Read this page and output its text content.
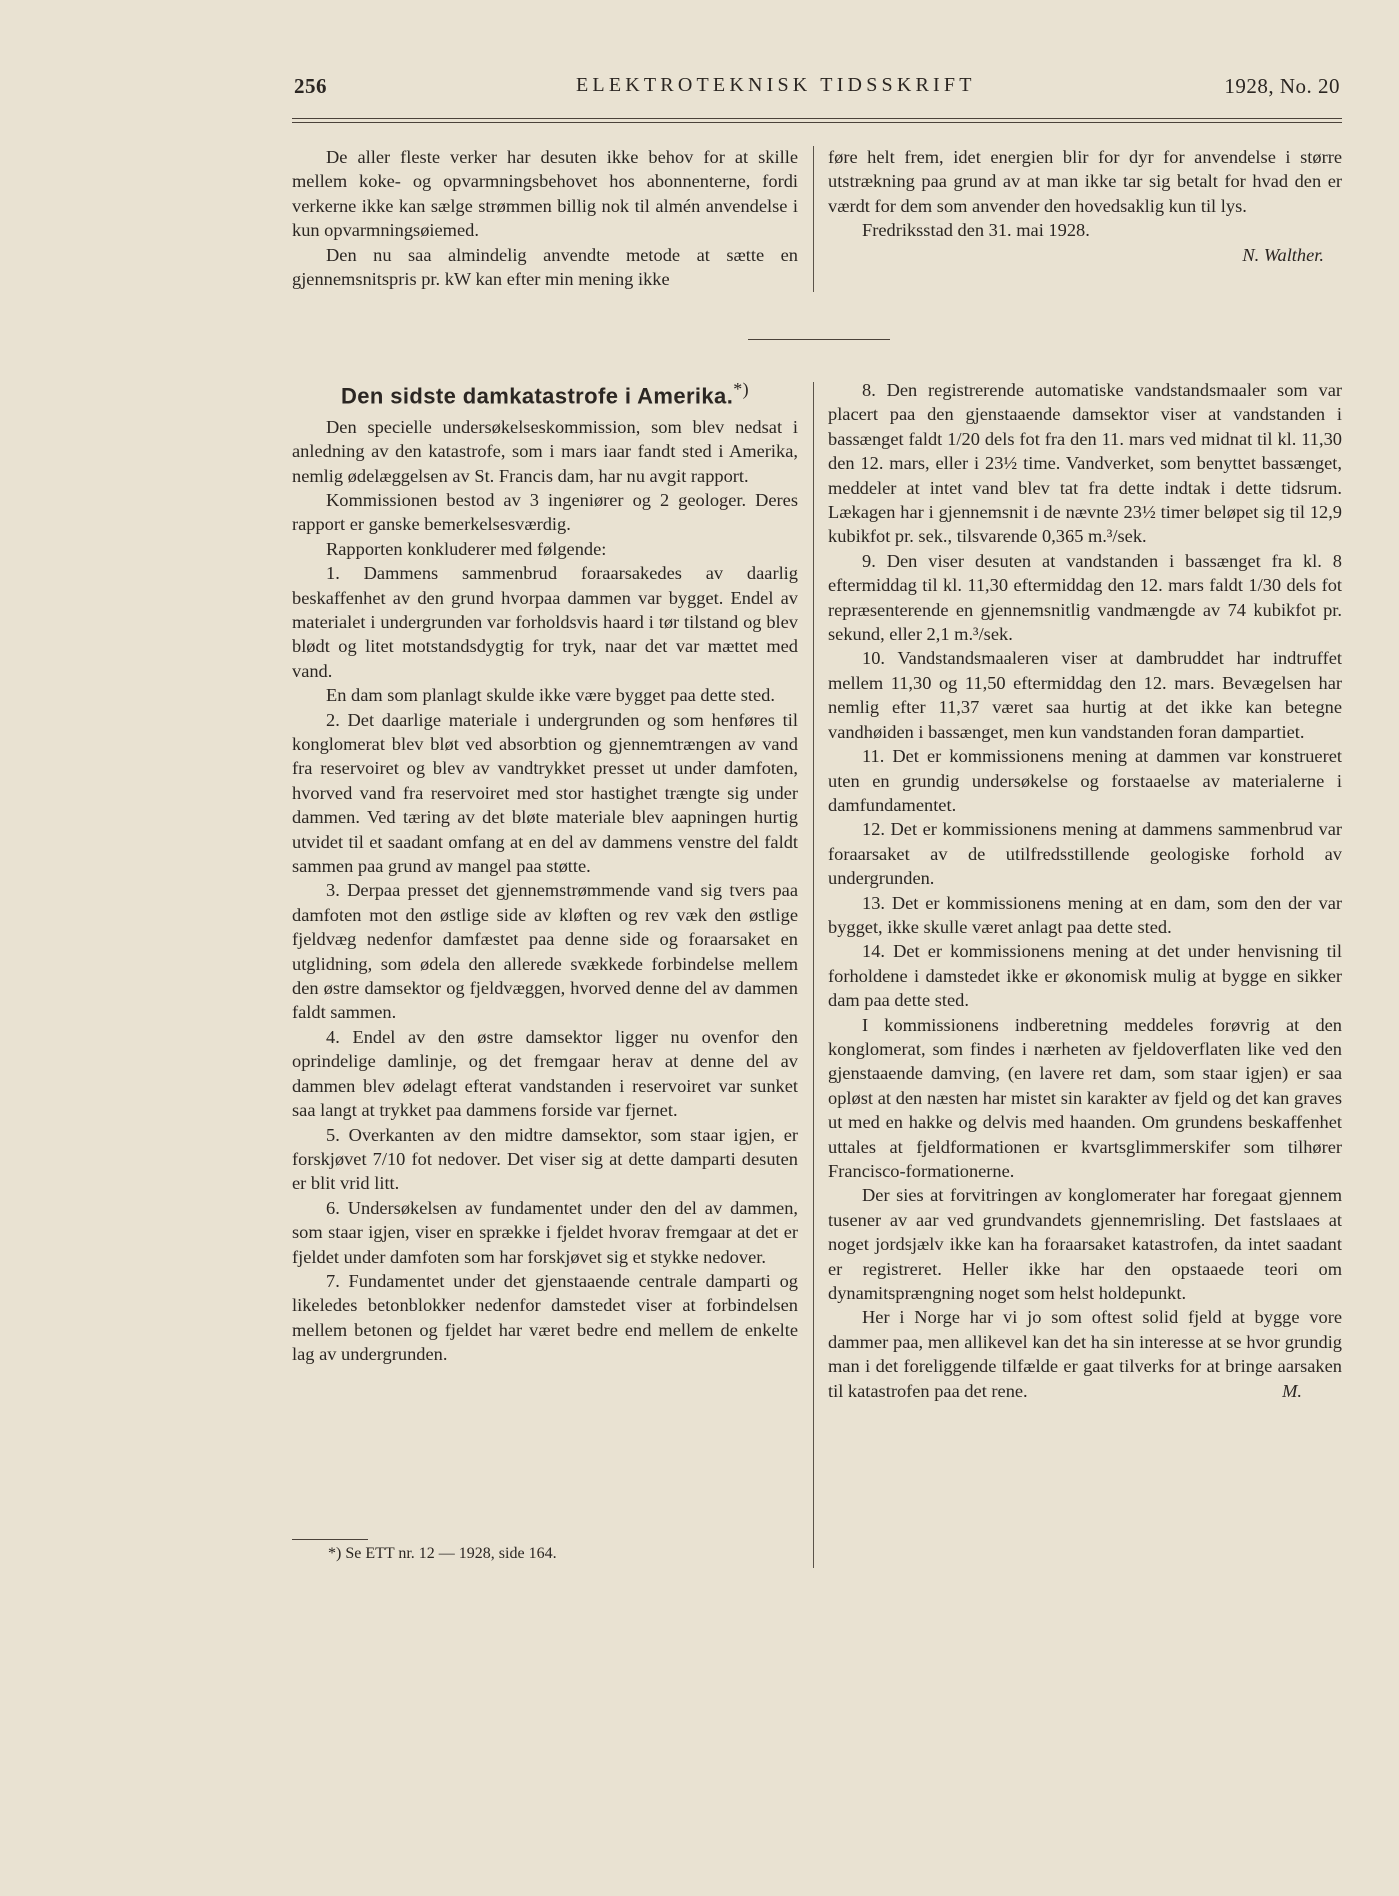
256	ELEKTROTEKNISK TIDSSKRIFT	1928, No. 20

De aller fleste verker har desuten ikke behov for at skille mellem koke- og opvarmningsbehovet hos abonnenterne, fordi verkerne ikke kan sælge strømmen billig nok til almén anvendelse i kun opvarmningsøiemed.

Den nu saa almindelig anvendte metode at sætte en gjennemsnitspris pr. kW kan efter min mening ikke

føre helt frem, idet energien blir for dyr for anvendelse i større utstrækning paa grund av at man ikke tar sig betalt for hvad den er værdt for dem som anvender den hovedsaklig kun til lys.

Fredriksstad den 31. mai 1928.

N. Walther.

Den sidste damkatastrofe i Amerika.*)

Den specielle undersøkelseskommission, som blev nedsat i anledning av den katastrofe, som i mars iaar fandt sted i Amerika, nemlig ødelæggelsen av St. Francis dam, har nu avgit rapport.

Kommissionen bestod av 3 ingeniører og 2 geologer. Deres rapport er ganske bemerkelsesværdig.

Rapporten konkluderer med følgende:

1. Dammens sammenbrud foraarsakedes av daarlig beskaffenhet av den grund hvorpaa dammen var bygget. Endel av materialet i undergrunden var forholdsvis haard i tør tilstand og blev blødt og litet motstandsdygtig for tryk, naar det var mættet med vand.

En dam som planlagt skulde ikke være bygget paa dette sted.

2. Det daarlige materiale i undergrunden og som henføres til konglomerat blev bløt ved absorbtion og gjennemtrængen av vand fra reservoiret og blev av vandtrykket presset ut under damfoten, hvorved vand fra reservoiret med stor hastighet trængte sig under dammen. Ved tæring av det bløte materiale blev aapningen hurtig utvidet til et saadant omfang at en del av dammens venstre del faldt sammen paa grund av mangel paa støtte.

3. Derpaa presset det gjennemstrømmende vand sig tvers paa damfoten mot den østlige side av kløften og rev væk den østlige fjeldvæg nedenfor damfæstet paa denne side og foraarsaket en utglidning, som ødela den allerede svækkede forbindelse mellem den østre damsektor og fjeldvæggen, hvorved denne del av dammen faldt sammen.

4. Endel av den østre damsektor ligger nu ovenfor den oprindelige damlinje, og det fremgaar herav at denne del av dammen blev ødelagt efterat vandstanden i reservoiret var sunket saa langt at trykket paa dammens forside var fjernet.

5. Overkanten av den midtre damsektor, som staar igjen, er forskjøvet 7/10 fot nedover. Det viser sig at dette damparti desuten er blit vrid litt.

6. Undersøkelsen av fundamentet under den del av dammen, som staar igjen, viser en sprække i fjeldet hvorav fremgaar at det er fjeldet under damfoten som har forskjøvet sig et stykke nedover.

7. Fundamentet under det gjenstaaende centrale damparti og likeledes betonblokker nedenfor damstedet viser at forbindelsen mellem betonen og fjeldet har været bedre end mellem de enkelte lag av undergrunden.

8. Den registrerende automatiske vandstandsmaaler som var placert paa den gjenstaaende damsektor viser at vandstanden i bassænget faldt 1/20 dels fot fra den 11. mars ved midnat til kl. 11,30 den 12. mars, eller i 23½ time. Vandverket, som benyttet bassænget, meddeler at intet vand blev tat fra dette indtak i dette tidsrum. Lækagen har i gjennemsnit i de nævnte 23½ timer beløpet sig til 12,9 kubikfot pr. sek., tilsvarende 0,365 m.³/sek.

9. Den viser desuten at vandstanden i bassænget fra kl. 8 eftermiddag til kl. 11,30 eftermiddag den 12. mars faldt 1/30 dels fot repræsenterende en gjennemsnitlig vandmængde av 74 kubikfot pr. sekund, eller 2,1 m.³/sek.

10. Vandstandsmaaleren viser at dambruddet har indtruffet mellem 11,30 og 11,50 eftermiddag den 12. mars. Bevægelsen har nemlig efter 11,37 været saa hurtig at det ikke kan betegne vandhøiden i bassænget, men kun vandstanden foran dampartiet.

11. Det er kommissionens mening at dammen var konstrueret uten en grundig undersøkelse og forstaaelse av materialerne i damfundamentet.

12. Det er kommissionens mening at dammens sammenbrud var foraarsaket av de utilfredsstillende geologiske forhold av undergrunden.

13. Det er kommissionens mening at en dam, som den der var bygget, ikke skulle været anlagt paa dette sted.

14. Det er kommissionens mening at det under henvisning til forholdene i damstedet ikke er økonomisk mulig at bygge en sikker dam paa dette sted.

I kommissionens indberetning meddeles forøvrig at den konglomerat, som findes i nærheten av fjeldoverflaten like ved den gjenstaaende damving, (en lavere ret dam, som staar igjen) er saa opløst at den næsten har mistet sin karakter av fjeld og det kan graves ut med en hakke og delvis med haanden. Om grundens beskaffenhet uttales at fjeldformationen er kvartsglimmerskifer som tilhører Francisco-formationerne.

Der sies at forvitringen av konglomerater har foregaat gjennem tusener av aar ved grundvandets gjennemrisling. Det fastslaaes at noget jordsjælv ikke kan ha foraarsaket katastrofen, da intet saadant er registreret. Heller ikke har den opstaaede teori om dynamitsprængning noget som helst holdepunkt.

Her i Norge har vi jo som oftest solid fjeld at bygge vore dammer paa, men allikevel kan det ha sin interesse at se hvor grundig man i det foreliggende tilfælde er gaat tilverks for at bringe aarsaken til katastrofen paa det rene.	M.

*) Se ETT nr. 12 — 1928, side 164.
